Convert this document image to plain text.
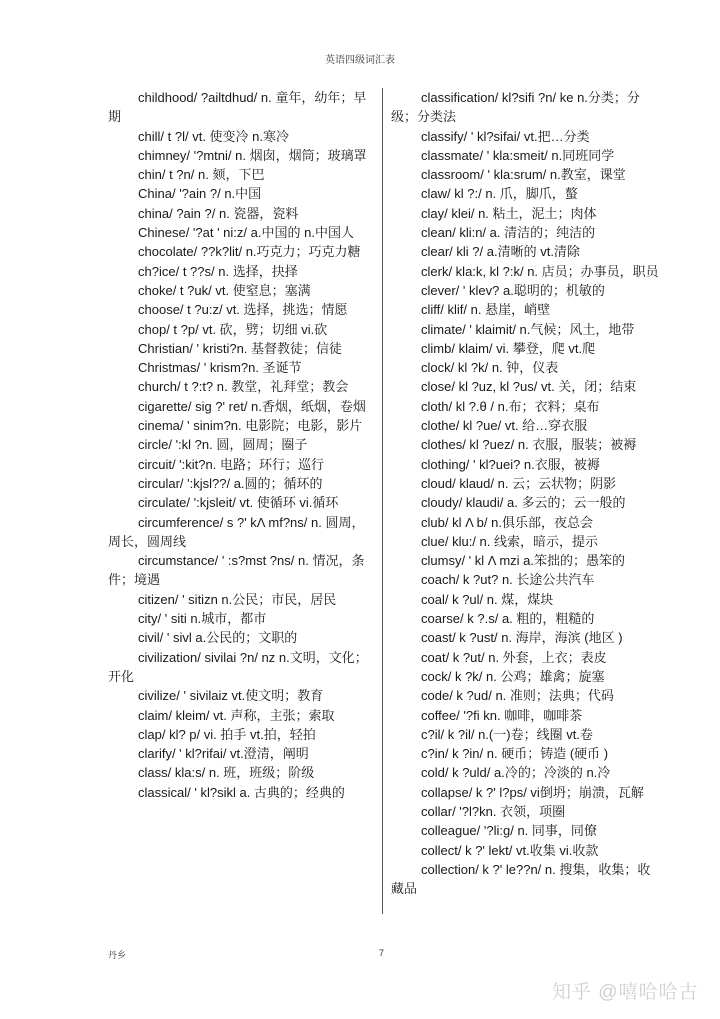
英语四级词汇表

childhood/ ?ailtdhud/ n. 童年，幼年；早期

chill/ t ?l/ vt. 使变冷 n.寒冷

chimney/ '?mtni/ n. 烟囱，烟筒；玻璃罩

chin/ t ?n/ n. 颏，下巴

China/ '?ain ?/ n.中国

china/ ?ain ?/ n. 瓷器，瓷料

Chinese/ '?at ' ni:z/ a.中国的 n.中国人

chocolate/ ??k?lit/ n.巧克力；巧克力糖

ch?ice/ t ??s/ n. 选择，抉择

choke/ t ?uk/ vt. 使窒息；塞满

choose/ t ?u:z/ vt. 选择，挑选；情愿

chop/ t ?p/ vt. 砍，劈；切细 vi.砍

Christian/ ' kristi?n. 基督教徒；信徒

Christmas/ ' krism?n. 圣诞节

church/ t ?:t? n. 教堂，礼拜堂；教会

cigarette/ sig ?' ret/ n.香烟，纸烟，卷烟

cinema/ ' sinim?n. 电影院；电影，影片

circle/ ':kl ?n. 圆，圆周；圈子

circuit/ ':kit?n. 电路；环行；巡行

circular/ ':kjsl??/ a.圆的；循环的

circulate/ ':kjsleit/ vt. 使循环 vi.循环

circumference/ s ?' kΛ mf?ns/ n. 圆周，周长，圆周线

circumstance/ ' :s?mst ?ns/ n. 情况，条件；境遇

citizen/ ' sitizn n.公民；市民，居民

city/ ' siti n.城市，都市

civil/ ' sivl a.公民的；文职的

civilization/ sivilai ?n/ nz n.文明，文化；开化

civilize/ ' sivilaiz vt.使文明；教育

claim/ kleim/ vt. 声称，主张；索取

clap/ kl? p/ vi. 拍手 vt.拍，轻拍

clarify/ ' kl?rifai/ vt.澄清，阐明

class/ kla:s/ n. 班，班级；阶级

classical/ ' kl?sikl a. 古典的；经典的

classification/ kl?sifi ?n/ ke n.分类；分级；分类法

classify/ ' kl?sifai/ vt.把…分类

classmate/ ' kla:smeit/ n.同班同学

classroom/ ' kla:srum/ n.教室，课堂

claw/ kl ?:/ n. 爪，脚爪，螯

clay/ klei/ n. 粘土，泥土；肉体

clean/ kli:n/ a. 清洁的；纯洁的

clear/ kli ?/ a.清晰的 vt.清除

clerk/ kla:k, kl ?:k/ n. 店员；办事员，职员

clever/ ' klev? a.聪明的；机敏的

cliff/ klif/ n. 悬崖，峭壁

climate/ ' klaimit/ n.气候；风土，地带

climb/ klaim/ vi. 攀登，爬 vt.爬

clock/ kl ?k/ n. 钟，仪表

close/ kl ?uz, kl ?us/ vt. 关，闭；结束

cloth/ kl ?.θ / n.布；衣料；桌布

clothe/ kl ?ue/ vt. 给…穿衣服

clothes/ kl ?uez/ n. 衣服，服装；被褥

clothing/ ' kl?uei? n.衣服，被褥

cloud/ klaud/ n. 云；云状物；阴影

cloudy/ klaudi/ a. 多云的；云一般的

club/ kl Λ b/ n.俱乐部，夜总会

clue/ klu:/ n. 线索，暗示，提示

clumsy/ ' kl Λ mzi a.笨拙的；愚笨的

coach/ k ?ut? n. 长途公共汽车

coal/ k ?ul/ n. 煤，煤块

coarse/ k ?.s/ a. 粗的，粗糙的

coast/ k ?ust/ n. 海岸，海滨 (地区 )

coat/ k ?ut/ n. 外套，上衣；表皮

cock/ k ?k/ n. 公鸡；雄禽；旋塞

code/ k ?ud/ n. 准则；法典；代码

coffee/ '?fi kn. 咖啡，咖啡茶

c?il/ k ?il/ n.(一)卷；线圈 vt.卷

c?in/ k ?in/ n. 硬币；铸造 (硬币 )

cold/ k ?uld/ a.冷的；冷淡的 n.冷

collapse/ k ?' l?ps/ vi倒坍；崩溃，瓦解

collar/ '?l?kn. 衣领，项圈

colleague/ '?li:g/ n. 同事，同僚

collect/ k ?' lekt/ vt.收集 vi.收款

collection/ k ?' le??n/ n. 搜集，收集；收藏品

丹乡	7
知乎 @嘻哈哈古
